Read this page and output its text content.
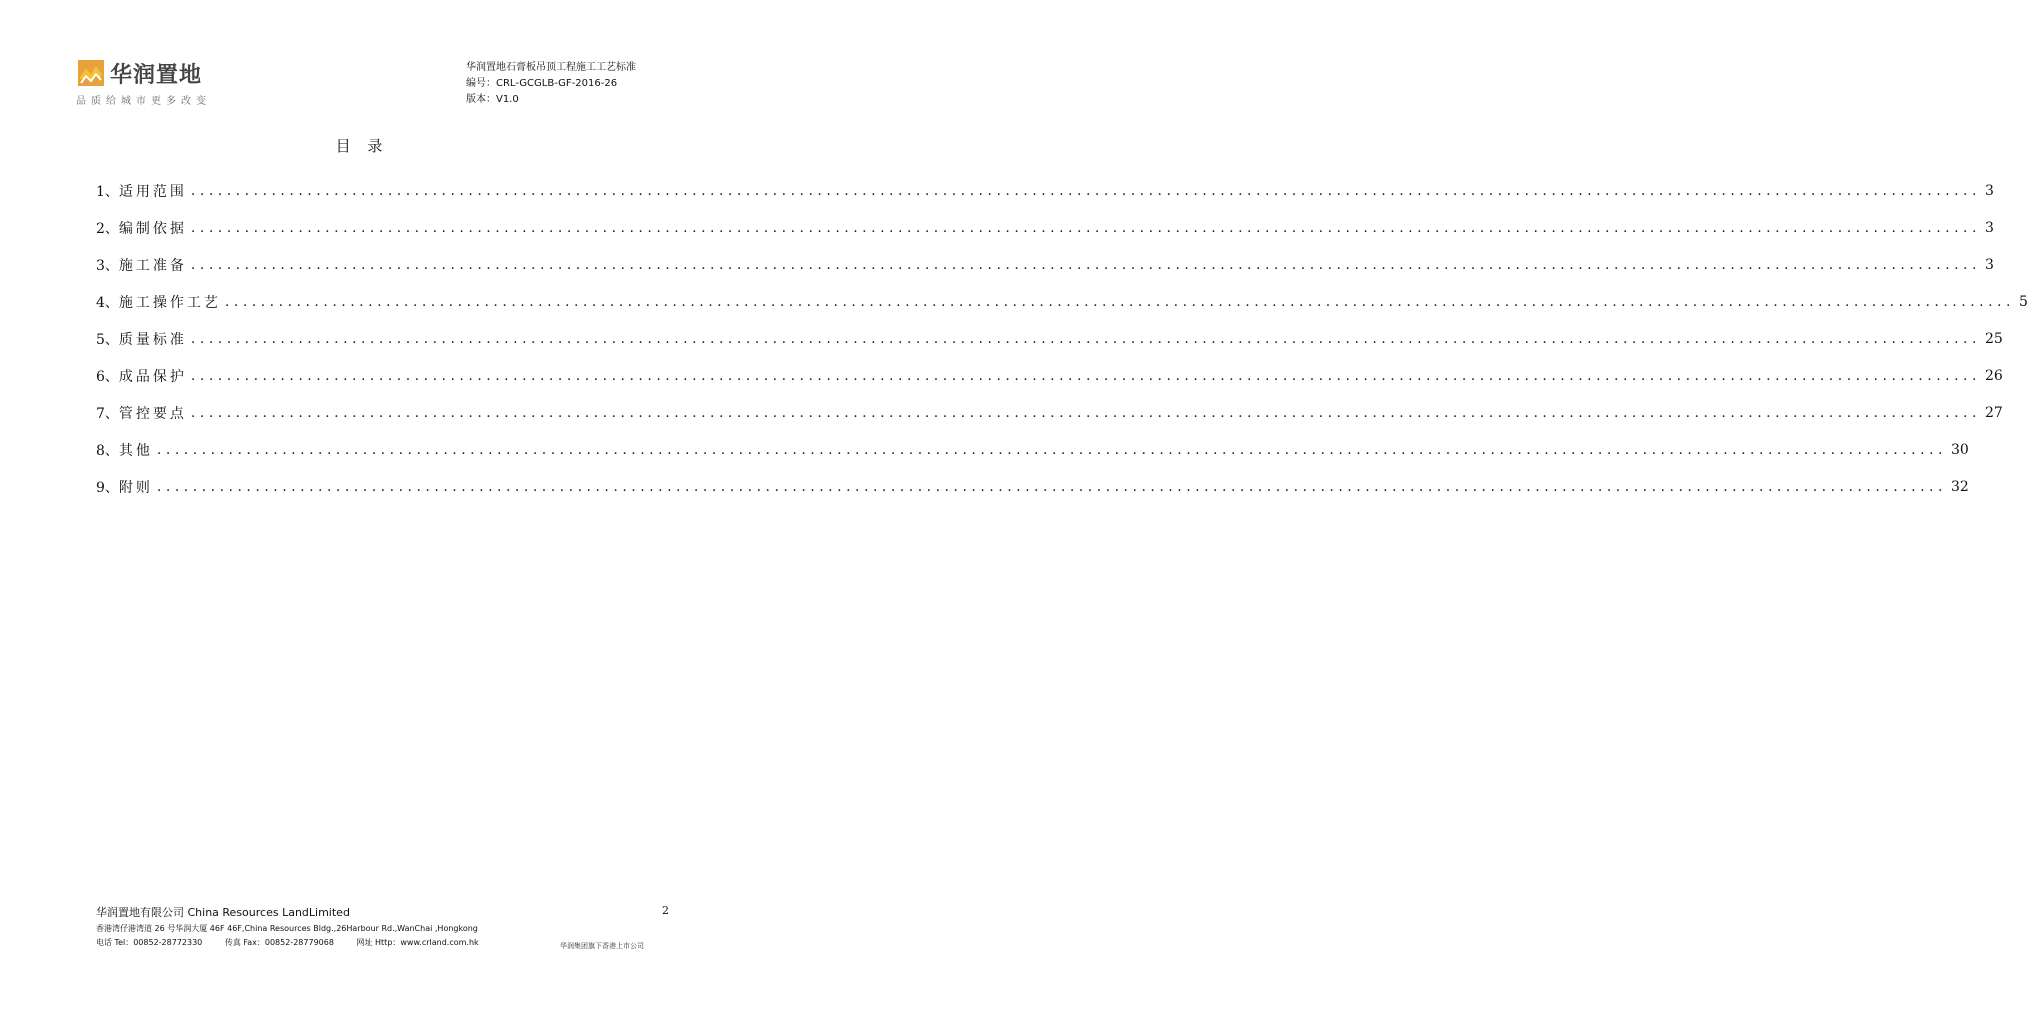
华润置地
品质给城市更多改变
华润置地石膏板吊顶工程施工工艺标准
编号：CRL-GCGLB-GF-2016-26
版本：V1.0
目 录
1、 适用范围 ........................................................................................................................................................................................................ 3
2、 编制依据 ........................................................................................................................................................................................................ 3
3、 施工准备 ........................................................................................................................................................................................................ 3
4、 施工操作工艺 ........................................................................................................................................................................................................ 5
5、 质量标准 ........................................................................................................................................................................................................ 25
6、 成品保护 ........................................................................................................................................................................................................ 26
7、 管控要点 ........................................................................................................................................................................................................ 27
8、 其他 ........................................................................................................................................................................................................ 30
9、 附则 ........................................................................................................................................................................................................ 32
华润置地有限公司 China Resources LandLimited
香港湾仔港湾道 26 号华润大厦 46F 46F,China Resources Bldg.,26Harbour Rd.,WanChai ,Hongkong
电话 Tel：00852-28772330	传真 Fax：00852-28779068	网址 Http：www.crland.com.hk
2
华润集团旗下香港上市公司
